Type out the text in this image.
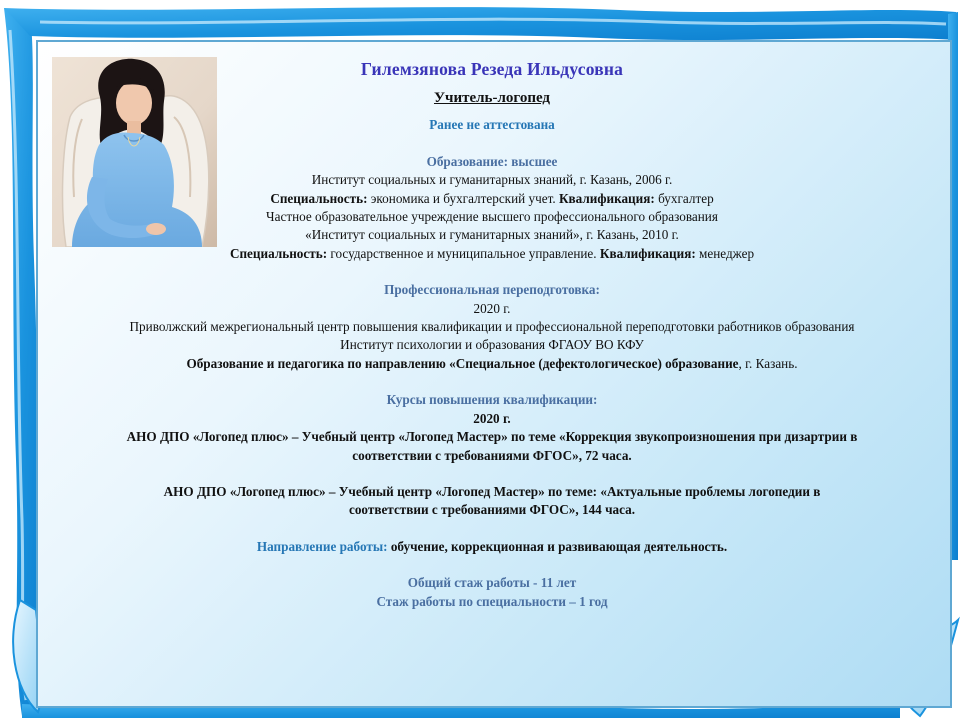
Гилемзянова Резеда Ильдусовна
Учитель-логопед
Ранее не аттестована
Образование: высшее
Институт социальных и гуманитарных знаний, г. Казань, 2006 г.
Специальность: экономика и бухгалтерский учет. Квалификация: бухгалтер
Частное образовательное учреждение высшего профессионального образования
«Институт социальных и гуманитарных знаний», г. Казань, 2010 г.
Специальность: государственное и муниципальное управление. Квалификация: менеджер
Профессиональная переподготовка:
2020 г.
Приволжский межрегиональный центр повышения квалификации и профессиональной переподготовки работников образования
Институт психологии и образования ФГАОУ ВО КФУ
Образование и педагогика по направлению «Специальное (дефектологическое) образование, г. Казань.
Курсы повышения квалификации:
2020 г.
АНО ДПО «Логопед плюс» – Учебный центр «Логопед Мастер» по теме «Коррекция звукопроизношения при дизартрии в
соответствии с требованиями ФГОС», 72 часа.
АНО ДПО «Логопед плюс» – Учебный центр «Логопед Мастер» по теме: «Актуальные проблемы логопедии в
соответствии с требованиями ФГОС», 144 часа.
Направление работы: обучение, коррекционная и развивающая деятельность.
Общий стаж работы - 11 лет
Стаж работы по специальности – 1 год
